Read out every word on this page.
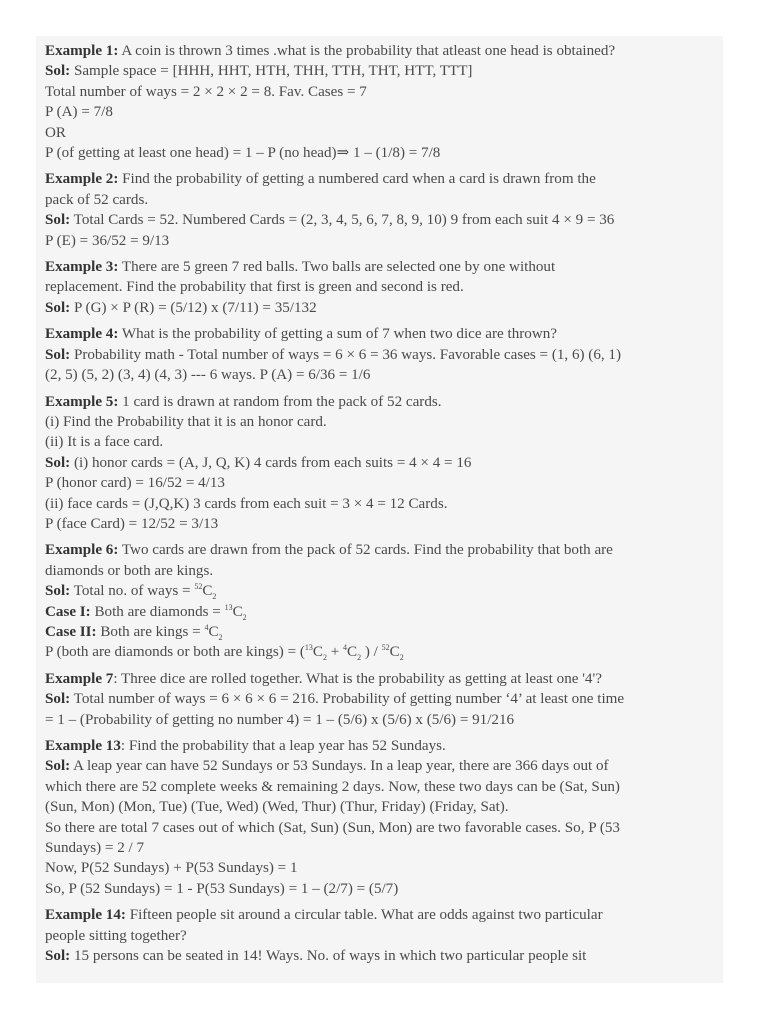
Example 1: A coin is thrown 3 times .what is the probability that atleast one head is obtained?
Sol: Sample space = [HHH, HHT, HTH, THH, TTH, THT, HTT, TTT]
Total number of ways = 2 × 2 × 2 = 8. Fav. Cases = 7
P (A) = 7/8
OR
P (of getting at least one head) = 1 – P (no head)⇒ 1 – (1/8) = 7/8
Example 2: Find the probability of getting a numbered card when a card is drawn from the
pack of 52 cards.
Sol: Total Cards = 52. Numbered Cards = (2, 3, 4, 5, 6, 7, 8, 9, 10) 9 from each suit 4 × 9 = 36
P (E) = 36/52 = 9/13
Example 3: There are 5 green 7 red balls. Two balls are selected one by one without
replacement. Find the probability that first is green and second is red.
Sol: P (G) × P (R) = (5/12) x (7/11) = 35/132
Example 4: What is the probability of getting a sum of 7 when two dice are thrown?
Sol: Probability math - Total number of ways = 6 × 6 = 36 ways. Favorable cases = (1, 6) (6, 1)
(2, 5) (5, 2) (3, 4) (4, 3) --- 6 ways. P (A) = 6/36 = 1/6
Example 5: 1 card is drawn at random from the pack of 52 cards.
(i) Find the Probability that it is an honor card.
(ii) It is a face card.
Sol: (i) honor cards = (A, J, Q, K) 4 cards from each suits = 4 × 4 = 16
P (honor card) = 16/52 = 4/13
(ii) face cards = (J,Q,K) 3 cards from each suit = 3 × 4 = 12 Cards.
P (face Card) = 12/52 = 3/13
Example 6: Two cards are drawn from the pack of 52 cards. Find the probability that both are
diamonds or both are kings.
Sol: Total no. of ways = $^{52}C_2$
Case I: Both are diamonds = $^{13}C_2$
Case II: Both are kings = $^4C_2$
P (both are diamonds or both are kings) = ($^{13}C_2 + ^4C_2$ ) / $^{52}C_2$
Example 7: Three dice are rolled together. What is the probability as getting at least one '4'?
Sol: Total number of ways = 6 × 6 × 6 = 216. Probability of getting number ‘4’ at least one time
= 1 – (Probability of getting no number 4) = 1 – (5/6) x (5/6) x (5/6) = 91/216
Example 13: Find the probability that a leap year has 52 Sundays.
Sol: A leap year can have 52 Sundays or 53 Sundays. In a leap year, there are 366 days out of
which there are 52 complete weeks & remaining 2 days. Now, these two days can be (Sat, Sun)
(Sun, Mon) (Mon, Tue) (Tue, Wed) (Wed, Thur) (Thur, Friday) (Friday, Sat).
So there are total 7 cases out of which (Sat, Sun) (Sun, Mon) are two favorable cases. So, P (53
Sundays) = 2 / 7
Now, P(52 Sundays) + P(53 Sundays) = 1
So, P (52 Sundays) = 1 - P(53 Sundays) = 1 – (2/7) = (5/7)
Example 14: Fifteen people sit around a circular table. What are odds against two particular
people sitting together?
Sol: 15 persons can be seated in 14! Ways. No. of ways in which two particular people sit
